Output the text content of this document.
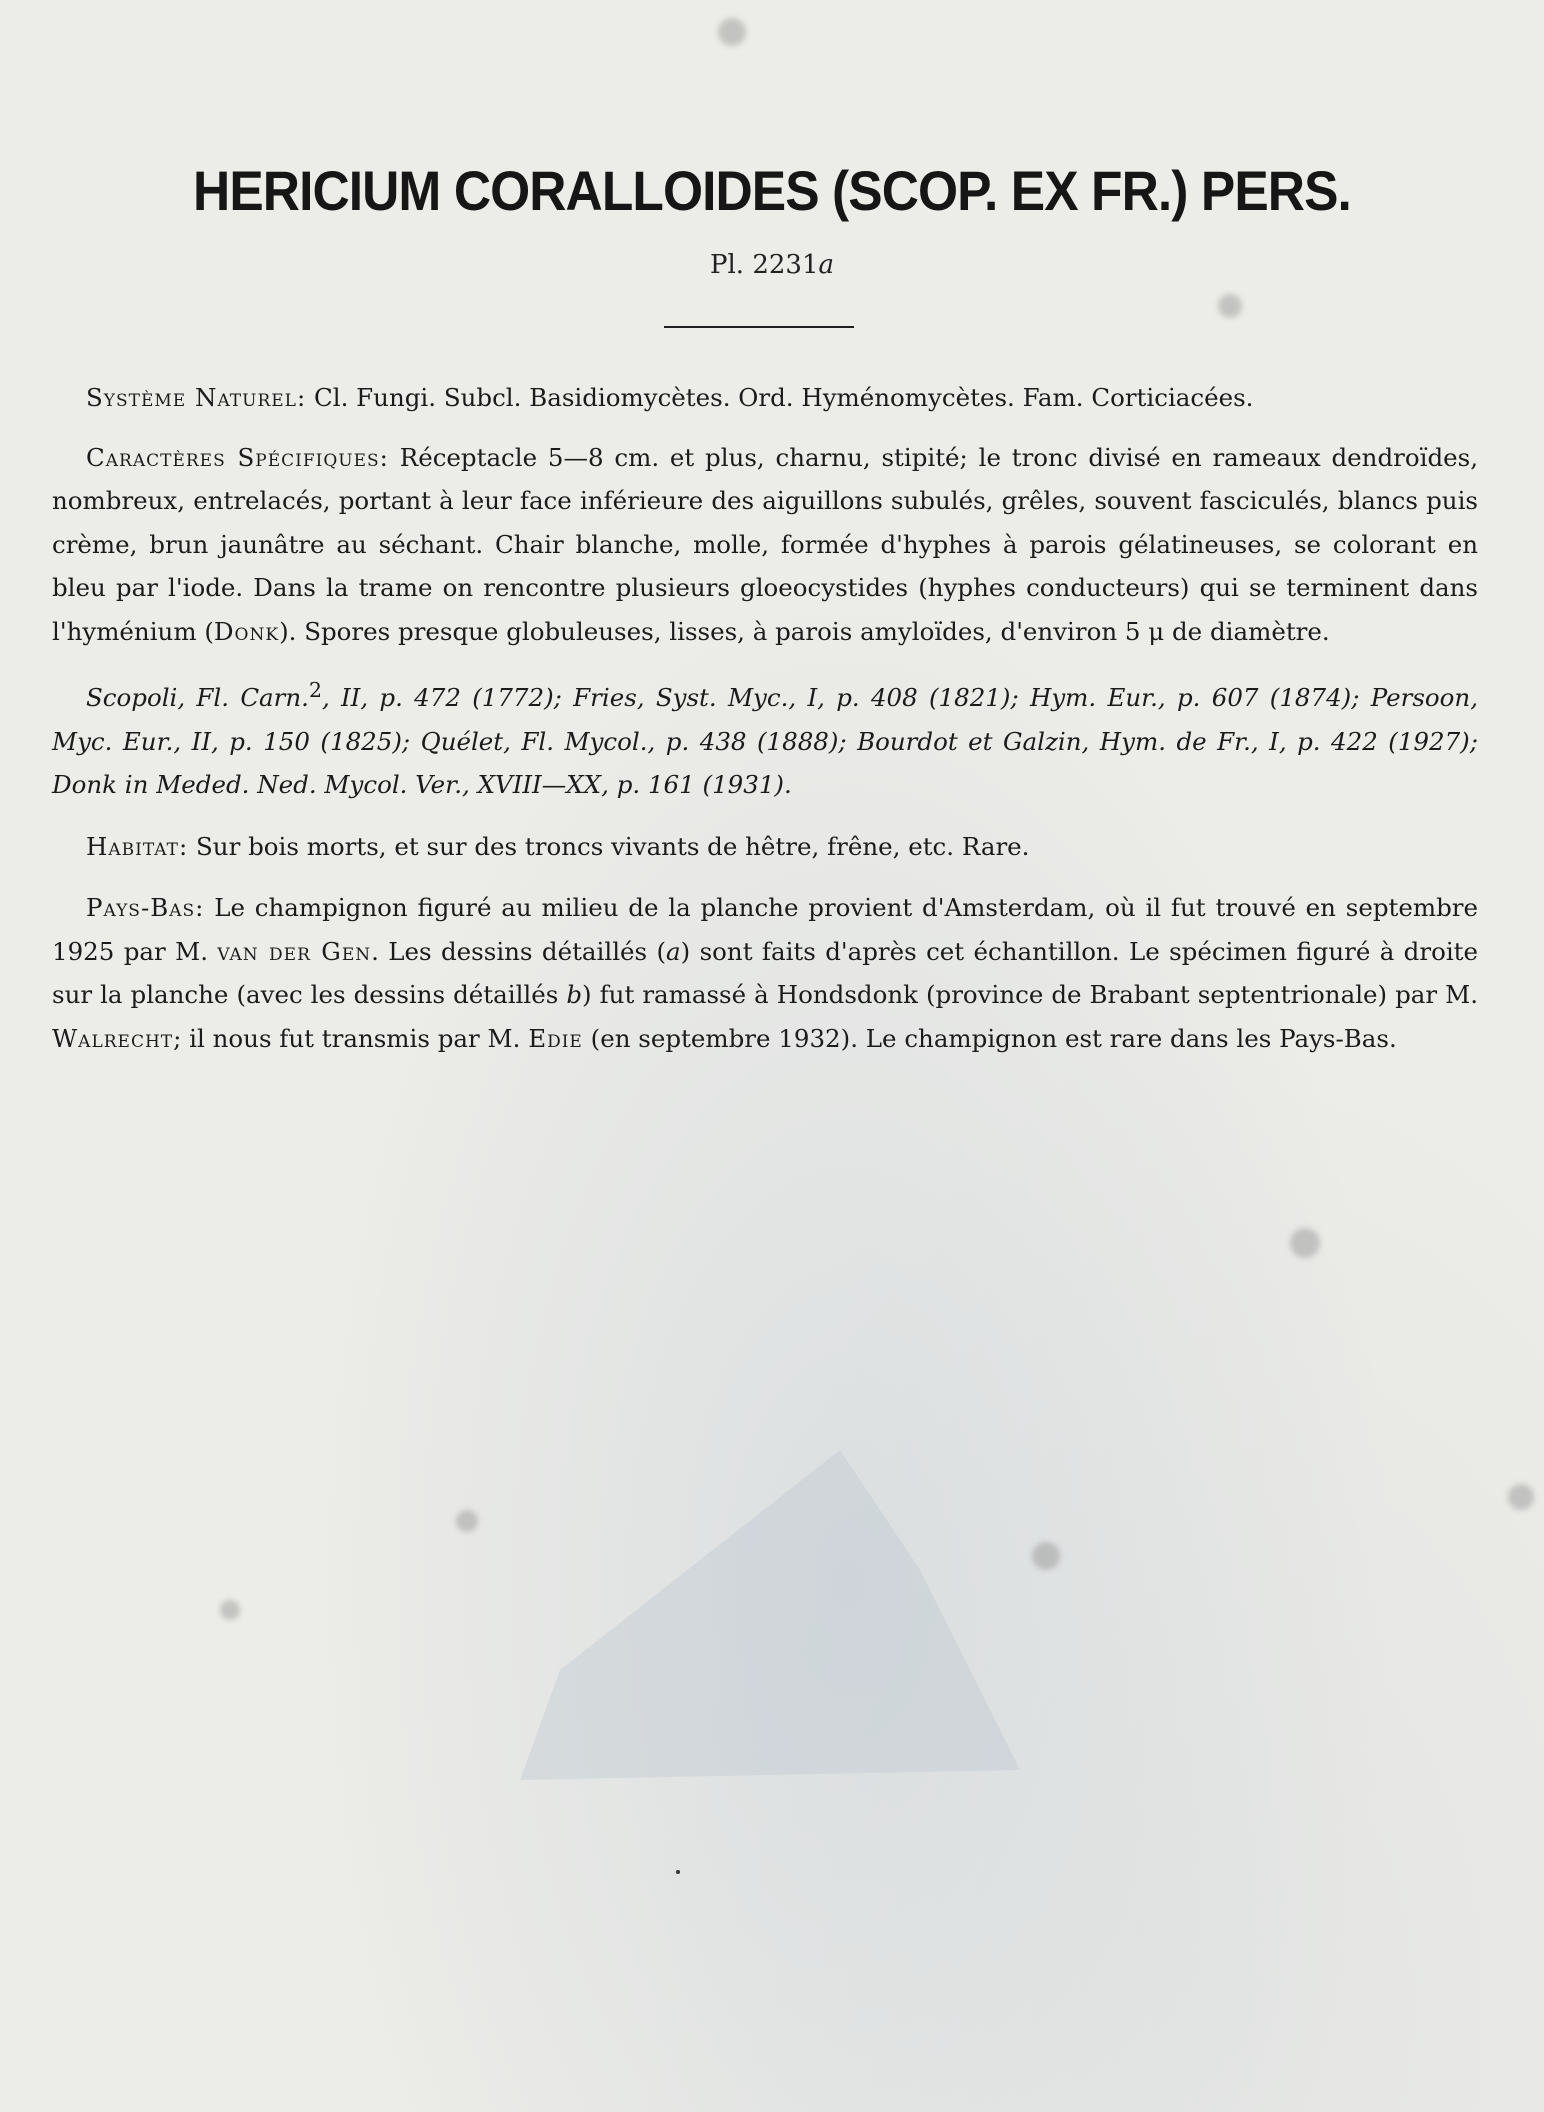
HERICIUM CORALLOIDES (SCOP. EX FR.) PERS.
Pl. 2231a

Système Naturel: Cl. Fungi. Subcl. Basidiomycètes. Ord. Hyménomycètes. Fam. Corticiacées.

Caractères Spécifiques: Réceptacle 5—8 cm. et plus, charnu, stipité; le tronc divisé en rameaux dendroïdes, nombreux, entrelacés, portant à leur face inférieure des aiguillons subulés, grêles, souvent fasciculés, blancs puis crème, brun jaunâtre au séchant. Chair blanche, molle, formée d'hyphes à parois gélatineuses, se colorant en bleu par l'iode. Dans la trame on rencontre plusieurs gloeocystides (hyphes conducteurs) qui se terminent dans l'hyménium (Donk). Spores presque globuleuses, lisses, à parois amyloïdes, d'environ 5 μ de diamètre.

Scopoli, Fl. Carn.$^2$, II, p. 472 (1772); Fries, Syst. Myc., I, p. 408 (1821); Hym. Eur., p. 607 (1874); Persoon, Myc. Eur., II, p. 150 (1825); Quélet, Fl. Mycol., p. 438 (1888); Bourdot et Galzin, Hym. de Fr., I, p. 422 (1927); Donk in Meded. Ned. Mycol. Ver., XVIII—XX, p. 161 (1931).

Habitat: Sur bois morts, et sur des troncs vivants de hêtre, frêne, etc. Rare.

Pays-Bas: Le champignon figuré au milieu de la planche provient d'Amsterdam, où il fut trouvé en septembre 1925 par M. van der Gen. Les dessins détaillés (a) sont faits d'après cet échantillon. Le spécimen figuré à droite sur la planche (avec les dessins détaillés b) fut ramassé à Hondsdonk (province de Brabant septentrionale) par M. Walrecht; il nous fut transmis par M. Edie (en septembre 1932). Le champignon est rare dans les Pays-Bas.
